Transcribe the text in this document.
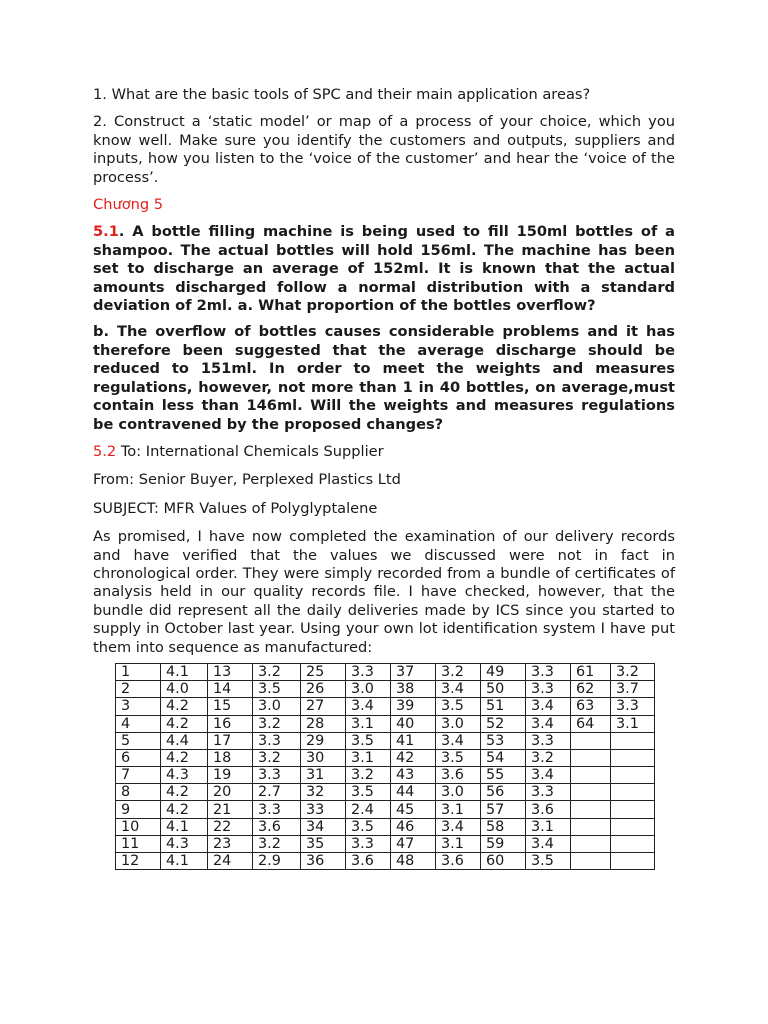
1. What are the basic tools of SPC and their main application areas?

2. Construct a ‘static model’ or map of a process of your choice, which you know well. Make sure you identify the customers and outputs, suppliers and inputs, how you listen to the ‘voice of the customer’ and hear the ‘voice of the process’.

Chương 5

5.1. A bottle filling machine is being used to fill 150ml bottles of a shampoo. The actual bottles will hold 156ml. The machine has been set to discharge an average of 152ml. It is known that the actual amounts discharged follow a normal distribution with a standard deviation of 2ml. a. What proportion of the bottles overflow?

b. The overflow of bottles causes considerable problems and it has therefore been suggested that the average discharge should be reduced to 151ml. In order to meet the weights and measures regulations, however, not more than 1 in 40 bottles, on average,must contain less than 146ml. Will the weights and measures regulations be contravened by the proposed changes?

5.2 To: International Chemicals Supplier

From: Senior Buyer, Perplexed Plastics Ltd

SUBJECT: MFR Values of Polyglyptalene

As promised, I have now completed the examination of our delivery records and have verified that the values we discussed were not in fact in chronological order. They were simply recorded from a bundle of certificates of analysis held in our quality records file. I have checked, however, that the bundle did represent all the daily deliveries made by ICS since you started to supply in October last year. Using your own lot identification system I have put them into sequence as manufactured:

1	4.1	13	3.2	25	3.3	37	3.2	49	3.3	61	3.2
2	4.0	14	3.5	26	3.0	38	3.4	50	3.3	62	3.7
3	4.2	15	3.0	27	3.4	39	3.5	51	3.4	63	3.3
4	4.2	16	3.2	28	3.1	40	3.0	52	3.4	64	3.1
5	4.4	17	3.3	29	3.5	41	3.4	53	3.3		
6	4.2	18	3.2	30	3.1	42	3.5	54	3.2		
7	4.3	19	3.3	31	3.2	43	3.6	55	3.4		
8	4.2	20	2.7	32	3.5	44	3.0	56	3.3		
9	4.2	21	3.3	33	2.4	45	3.1	57	3.6		
10	4.1	22	3.6	34	3.5	46	3.4	58	3.1		
11	4.3	23	3.2	35	3.3	47	3.1	59	3.4		
12	4.1	24	2.9	36	3.6	48	3.6	60	3.5		
